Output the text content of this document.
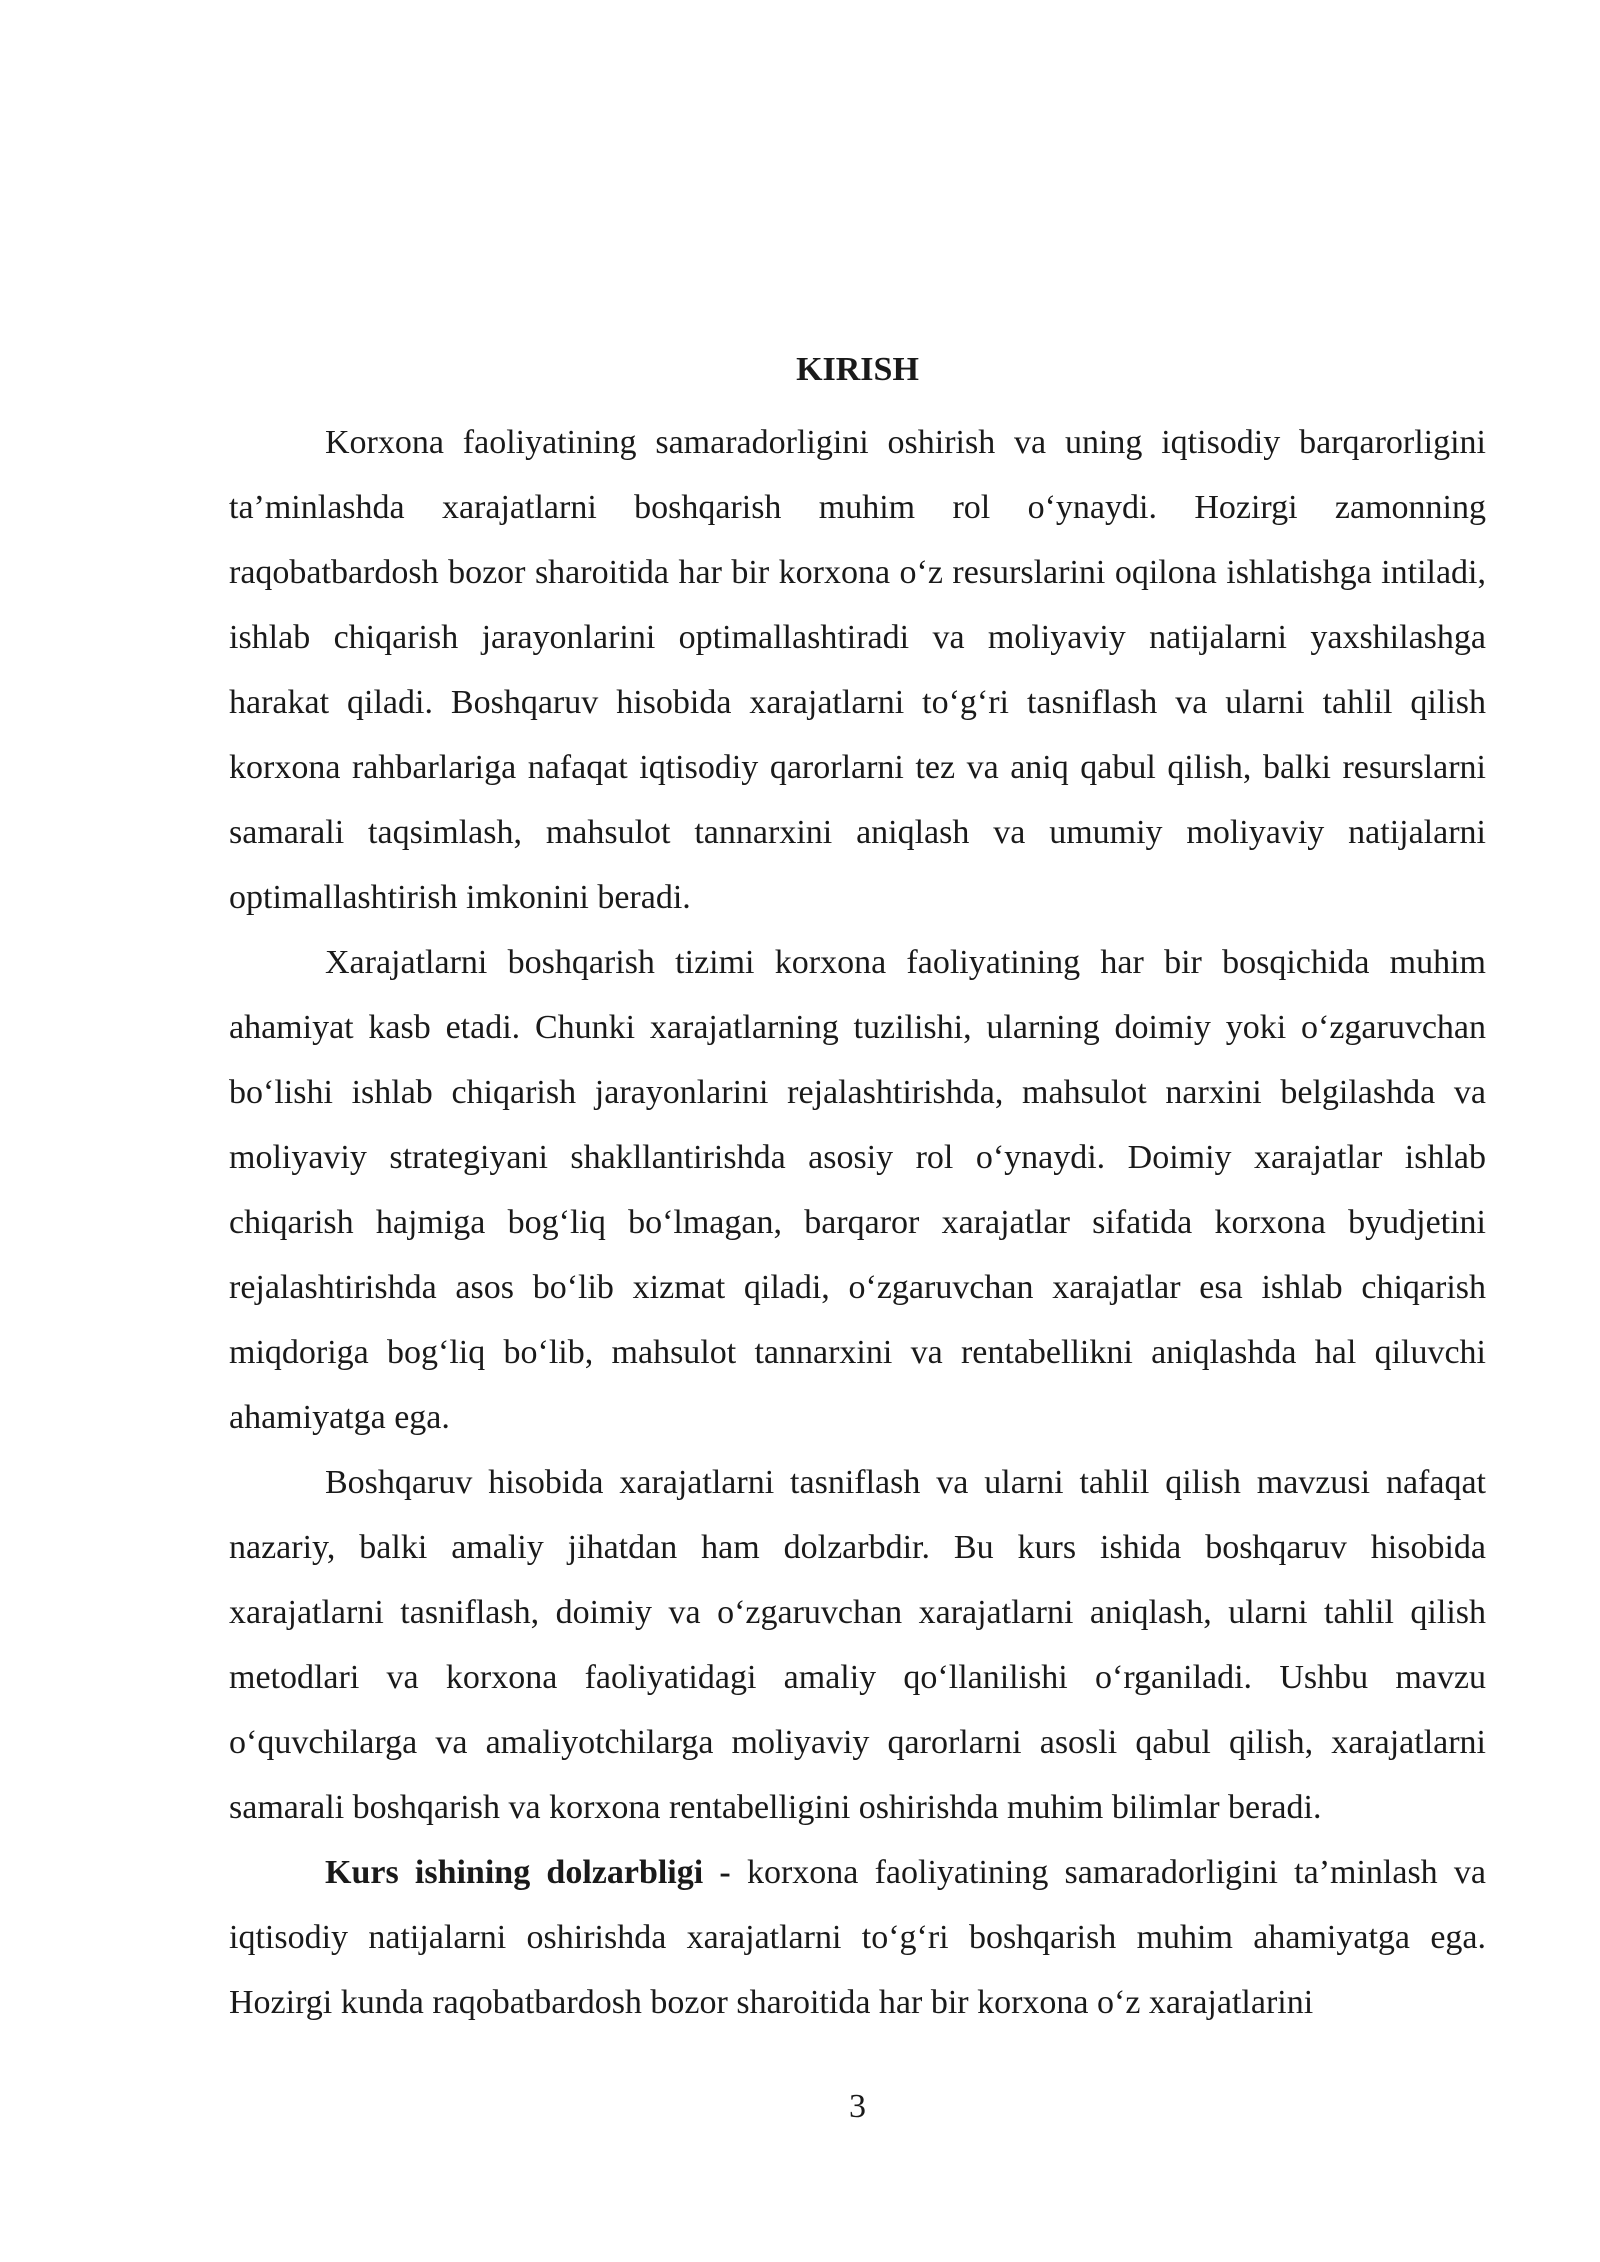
KIRISH

Korxona faoliyatining samaradorligini oshirish va uning iqtisodiy barqarorligini ta’minlashda xarajatlarni boshqarish muhim rol o‘ynaydi. Hozirgi zamonning raqobatbardosh bozor sharoitida har bir korxona o‘z resurslarini oqilona ishlatishga intiladi, ishlab chiqarish jarayonlarini optimallashtiradi va moliyaviy natijalarni yaxshilashga harakat qiladi. Boshqaruv hisobida xarajatlarni to‘g‘ri tasniflash va ularni tahlil qilish korxona rahbarlariga nafaqat iqtisodiy qarorlarni tez va aniq qabul qilish, balki resurslarni samarali taqsimlash, mahsulot tannarxini aniqlash va umumiy moliyaviy natijalarni optimallashtirish imkonini beradi.

Xarajatlarni boshqarish tizimi korxona faoliyatining har bir bosqichida muhim ahamiyat kasb etadi. Chunki xarajatlarning tuzilishi, ularning doimiy yoki o‘zgaruvchan bo‘lishi ishlab chiqarish jarayonlarini rejalashtirishda, mahsulot narxini belgilashda va moliyaviy strategiyani shakllantirishda asosiy rol o‘ynaydi. Doimiy xarajatlar ishlab chiqarish hajmiga bog‘liq bo‘lmagan, barqaror xarajatlar sifatida korxona byudjetini rejalashtirishda asos bo‘lib xizmat qiladi, o‘zgaruvchan xarajatlar esa ishlab chiqarish miqdoriga bog‘liq bo‘lib, mahsulot tannarxini va rentabellikni aniqlashda hal qiluvchi ahamiyatga ega.

Boshqaruv hisobida xarajatlarni tasniflash va ularni tahlil qilish mavzusi nafaqat nazariy, balki amaliy jihatdan ham dolzarbdir. Bu kurs ishida boshqaruv hisobida xarajatlarni tasniflash, doimiy va o‘zgaruvchan xarajatlarni aniqlash, ularni tahlil qilish metodlari va korxona faoliyatidagi amaliy qo‘llanilishi o‘rganiladi. Ushbu mavzu o‘quvchilarga va amaliyotchilarga moliyaviy qarorlarni asosli qabul qilish, xarajatlarni samarali boshqarish va korxona rentabelligini oshirishda muhim bilimlar beradi.

Kurs ishining dolzarbligi - korxona faoliyatining samaradorligini ta’minlash va iqtisodiy natijalarni oshirishda xarajatlarni to‘g‘ri boshqarish muhim ahamiyatga ega. Hozirgi kunda raqobatbardosh bozor sharoitida har bir korxona o‘z xarajatlarini

3
